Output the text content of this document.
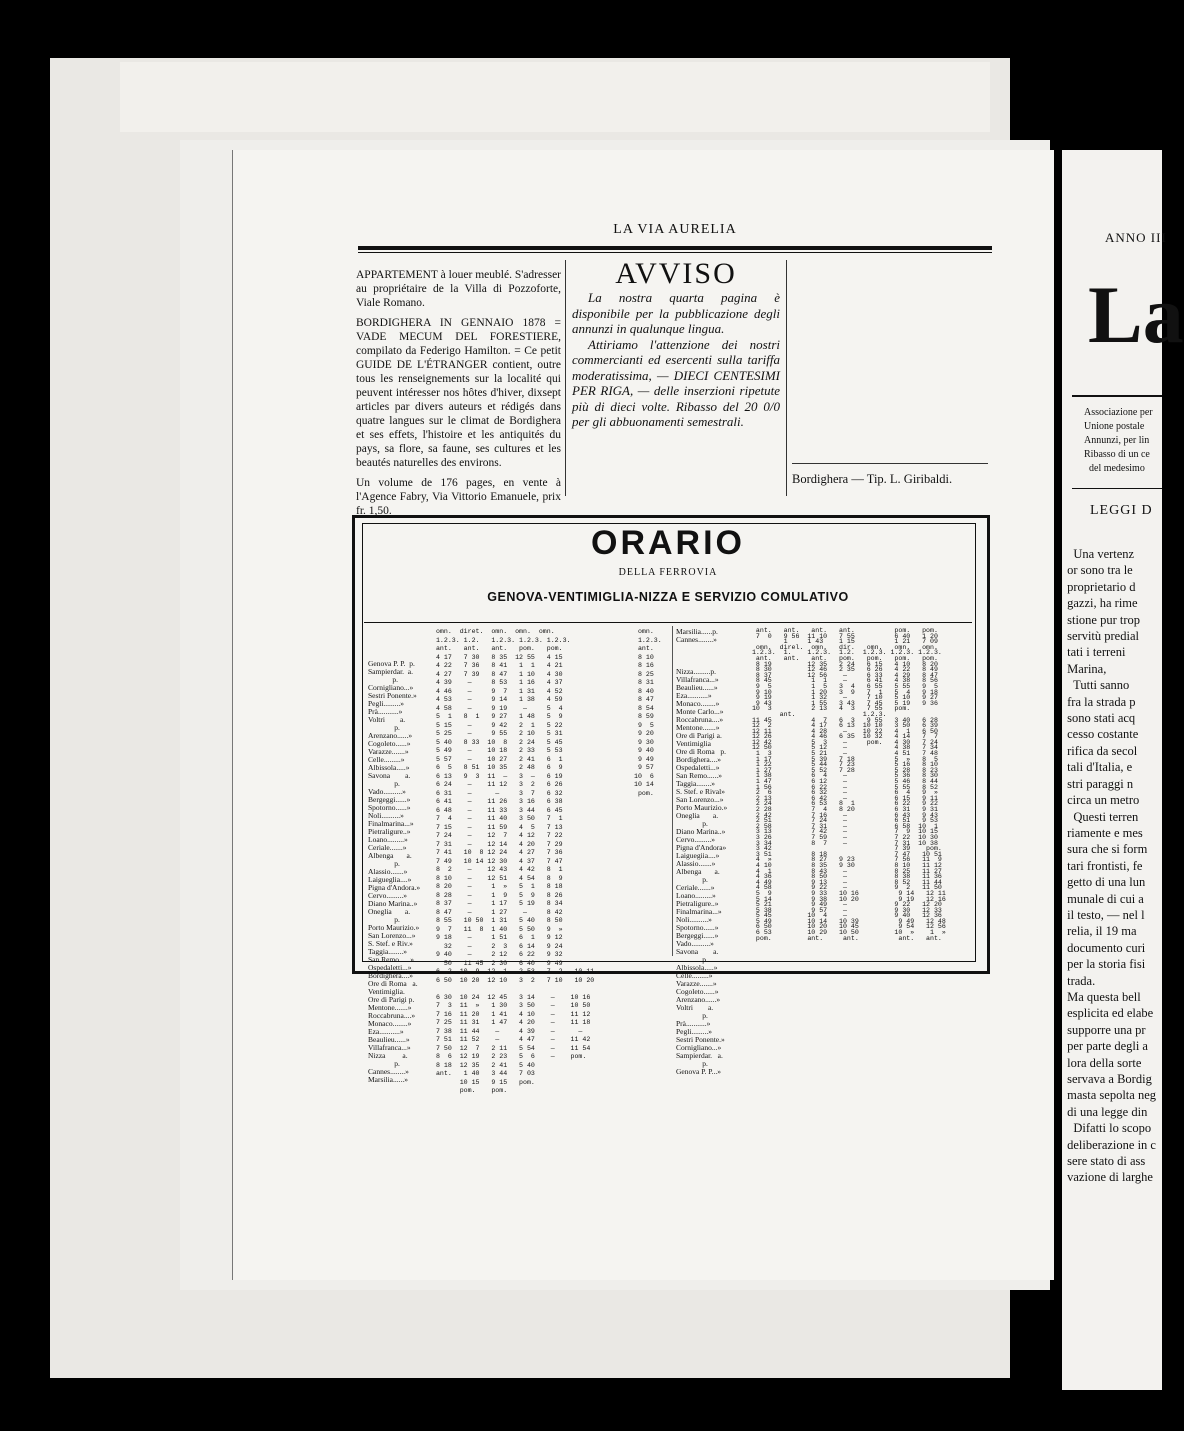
LA VIA AURELIA

APPARTEMENT à louer meublé. S'adresser au propriétaire de la Villa di Pozzoforte, Viale Romano.

BORDIGHERA IN GENNAIO 1878 = VADE MECUM DEL FORESTIERE, compilato da Federigo Hamilton. = Ce petit GUIDE DE L'ÉTRANGER contient, outre tous les renseignements sur la localité qui peuvent intéresser nos hôtes d'hiver, dixsept articles par divers auteurs et rédigés dans quatre langues sur le climat de Bordighera et ses effets, l'histoire et les antiquités du pays, sa flore, sa faune, ses cultures et les beautés naturelles des environs.

Un volume de 176 pages, en vente à l'Agence Fabry, Via Vittorio Emanuele, prix fr. 1,50.

AVVISO

La nostra quarta pagina è disponibile per la pubblicazione degli annunzi in qualunque lingua.

Attiriamo l'attenzione dei nostri commercianti ed esercenti sulla tariffa moderatissima, — DIECI CENTESIMI PER RIGA, — delle inserzioni ripetute più di dieci volte. Ribasso del 20 0/0 per gli abbuonamenti semestrali.

Bordighera — Tip. L. Giribaldi.
ORARIO
DELLA FERROVIA
GENOVA-VENTIMIGLIA-NIZZA E SERVIZIO COMULATIVO

Genova P. P.  p.
Sampierdar.  a.
p.
Cornigliano...»
Sestri Ponente.»
Pegli.........»
Prà...........»
Voltri        a.
p.
Arenzano......»
Cogoleto......»
Varazze.......»
Celle.........»
Albissola.....»
Savona        a.
p.
Vado..........»
Bergeggi......»
Spotorno......»
Noli..........»
Finalmarina...»
Pietraligure..»
Loano.........»
Ceriale.......»
Albenga       a.
p.
Alassio.......»
Laigueglia....»
Pigna d'Andora.»
Cervo.........»
Diano Marina..»
Oneglia       a.
p.
Porto Maurizio.»
San Lorenzo...»
S. Stef. e Riv.»
Taggia........»
San Remo......»
Ospedaletti...»
Bordighera....»
Ore di Roma   a.
Ventimiglia.
Ore di Parigi p.
Mentone.......»
Roccabruna....»
Monaco........»
Eza...........»
Beaulieu......»
Villafranca...»
Nizza         a.
p.
Cannes........»
Marsilia......»
omn.  diret.  omn.  omn.  omn.
1.2.3. 1.2.   1.2.3. 1.2.3. 1.2.3.
ant.   ant.   ant.   pom.   pom.
4 17   7 30   8 35  12 55   4 15
4 22   7 36   8 41   1  1   4 21
4 27   7 39   8 47   1 10   4 30
4 39    —     8 53   1 16   4 37
4 46    —     9  7   1 31   4 52
4 53    —     9 14   1 38   4 59
4 58    —     9 19    —     5  4
5  1   8  1   9 27   1 48   5  9
5 15    —     9 42   2  1   5 22
5 25    —     9 55   2 10   5 31
5 40   8 33  10  8   2 24   5 45
5 49    —    10 18   2 33   5 53
5 57    —    10 27   2 41   6  1
6  5   8 51  10 35   2 48   6  9
6 13   9  3  11  —   3  —   6 19
6 24    —    11 12   3  2   6 26
6 31    —      —     3  7   6 32
6 41    —    11 26   3 16   6 38
6 48    —    11 33   3 44   6 45
7  4    —    11 40   3 50   7  1
7 15    —    11 59   4  5   7 13
7 24    —    12  7   4 12   7 22
7 31    —    12 14   4 20   7 29
7 41   10  8 12 24   4 27   7 36
7 49   10 14 12 30   4 37   7 47
8  2    —    12 43   4 42   8  1
8 10    —    12 51   4 54   8  9
8 20    —     1  »   5  1   8 18
8 28    —     1  9   5  9   8 26
8 37    —     1 17   5 19   8 34
8 47    —     1 27    —     8 42
8 55   10 50  1 31   5 40   8 50
9  7   11  8  1 40   5 50   9  »
9 18    —     1 51   6  1   9 12
32    —     2  3   6 14   9 24
9 40    —     2 12   6 22   9 32
50   11 45  2 30   6 40   9 49
6  2  10  9  12  1   2 53   7  2   10 11
6 50  10 20  12 10   3  2   7 10   10 20

6 30  10 24  12 45   3 14    —    10 16
7  3  11  »   1 30   3 50    —    10 50
7 16  11 20   1 41   4 10    —    11 12
7 25  11 31   1 47   4 20    —    11 18
7 38  11 44    —     4 39    —      —
7 51  11 52    —     4 47    —    11 42
7 50  12  7   2 11   5 54    —    11 54
8  6  12 19   2 23   5  6    —    pom.
8 18  12 35   2 41   5 40
ant.   1 40   3 44   7 03
10 15   9 15   pom.
pom.    pom.
omn.
1.2.3.
ant.
8 10
8 16
8 25
8 31
8 40
8 47
8 54
8 59
9  5
9 20
9 30
9 40
9 49
9 57
10  6
10 14
pom.
Marsilia......p.
Cannes........»

Nizza.........p.
Villafranca...»
Beaulieu......»
Eza...........»
Monaco........»
Monte Carlo...»
Roccabruna....»
Mentone.......»
Ore di Parigi a.
Ventimiglia
Ore di Roma   p.
Bordighera....»
Ospedaletti...»
San Remo......»
Taggia........»
S. Stef. e Rival»
San Lorenzo...»
Porto Maurizio.»
Oneglia       a.
p.
Diano Marina..»
Cervo.........»
Pigna d'Andora»
Laiguegiia....»
Alassio.......»
Albenga       a.
p.
Ceriale.......»
Loano.........»
Pietraligure..»
Finalmarina...»
Noli..........»
Spotorno......»
Bergeggi......»
Vado..........»
Savona        a.
p.
Albissola.....»
Celle.........»
Varazze.......»
Cogoleto......»
Arenzano......»
Voltri        a.
p.
Prà...........»
Pegli.........»
Sestri Ponente.»
Cornigliano...»
Sampierdar.   a.
p.
Genova P. P...»
ant.   ant.   ant.   ant.          pom.   pom.
7  0   9 56  11 10   7 55          6 40   1 20
1     1 43    1 15          1 21   7 09
omn.  direl.  omn.   dir.   omn.   omn.   omn.
1.2.3.  1.    1.2.3.  1.2.  1.2.3. 1.2.3. 1.2.3.
ant.   ant.   ant.   pom.   pom.   pom.   pom.
8 19         12 35   2 24   6 15   4 10   8 20
8 30         12 46   2 35   6 26   4 22   8 49
8 37         12 56    —     6 33   4 29   8 47
8 45          1  1    —     6 41   4 38   8 56
9  5          1  5   3  4   6 55   5 55   9  5
9 10          1 20   3  9   7  1   5  4   9 18
9 19          1 32    —     7 10   5 10   9 27
9 43          1 55   3 43   7 45   5 19   9 36
10  3          2 13   4  3   7 55   pom.
ant.                 1.2.3.
11 45          4  7   6  3   9 55   3 40   6 28
12  2          4 17   6 13  10 10   3 50   6 39
12 11          4 28    —    10 22   4  1   6 50
12 26          4 46   6 35  10 32   4 14   7  7
12 42          5  3    —     pom.   4 30   7 24
12 50          5 12    —            4 38   7 34
1  3          5 21    —            4 51   7 48
1 17          5 39   7 18          5  »   8  5
1 22          5 44   7 23          5 16   8 10
1 27          5 52   7 28          5 28   8 23
1 38          6  4    —            5 36   8 30
1 47          6 12    —            5 46   8 44
1 56          6 22    —            5 55   8 52
2  6          6 32    —            6  4   9  »
2 13          6 42    —            6 15   9 11
2 24          6 53   8  1          6 22   9 22
2 28          7  4   8 20          6 31   9 31
2 42          7 16    —            6 43   9 43
2 51          7 24    —            6 51   9 53
2 58          7 31    —            6 58  10  1
3 13          7 42    —            7  9  10 15
3 26          7 59    —            7 22  10 30
3 34          8  7    —            7 31  10 38
3 42                               7 39    pom.
3 51          8 18                 7 47   10 51
4  »          8 27   9 23          7 56   11  9
4 10          8 35   9 30          8 10   11 12
4  1          8 43    —            8 25   11 27
4 36          8 50    —            8 38   11 36
4 49          9 13    —            8 52   11 44
4 58          9 22    —            9  2   11 50
5  9          9 33   10 16          9 14   12 11
5 14          9 38   10 20          9 19   12 16
5 21          9 49    —            9 22   12 20
5 38          9 57    —            9 30   12 33
5 45         10  4    —            9 40   12 36
5 49         10 14   10 39          9 49   12 48
6 50         10 20   10 45          9 54   12 56
6 53         10 29   10 50         10  »    1  »
pom.         ant.     ant.          ant.   ant.
ANNO III
La
Associazione per
Unione postale
Annunzi, per lin
Ribasso di un ce
del medesimo
LEGGI D
Una vertenz
or sono tra le
proprietario d
gazzi, ha rime
stione pur trop
servitù predial
tati i terreni
Marina,
Tutti sanno
fra la strada p
sono stati acq
cesso costante
rifica da secol
tali d'Italia, e
stri paraggi n
circa un metro
Questi terren
riamente e mes
sura che si form
tari frontisti, fe
getto di una lun
munale di cui a
il testo, — nel l
relia, il 19 ma
documento curi
per la storia fisi
trada.
Ma questa bell
esplicita ed elabe
supporre una pr
per parte degli a
lora della sorte
servava a Bordig
masta sepolta neg
di una legge din
Difatti lo scopo
deliberazione in c
sere stato di ass
vazione di larghe
